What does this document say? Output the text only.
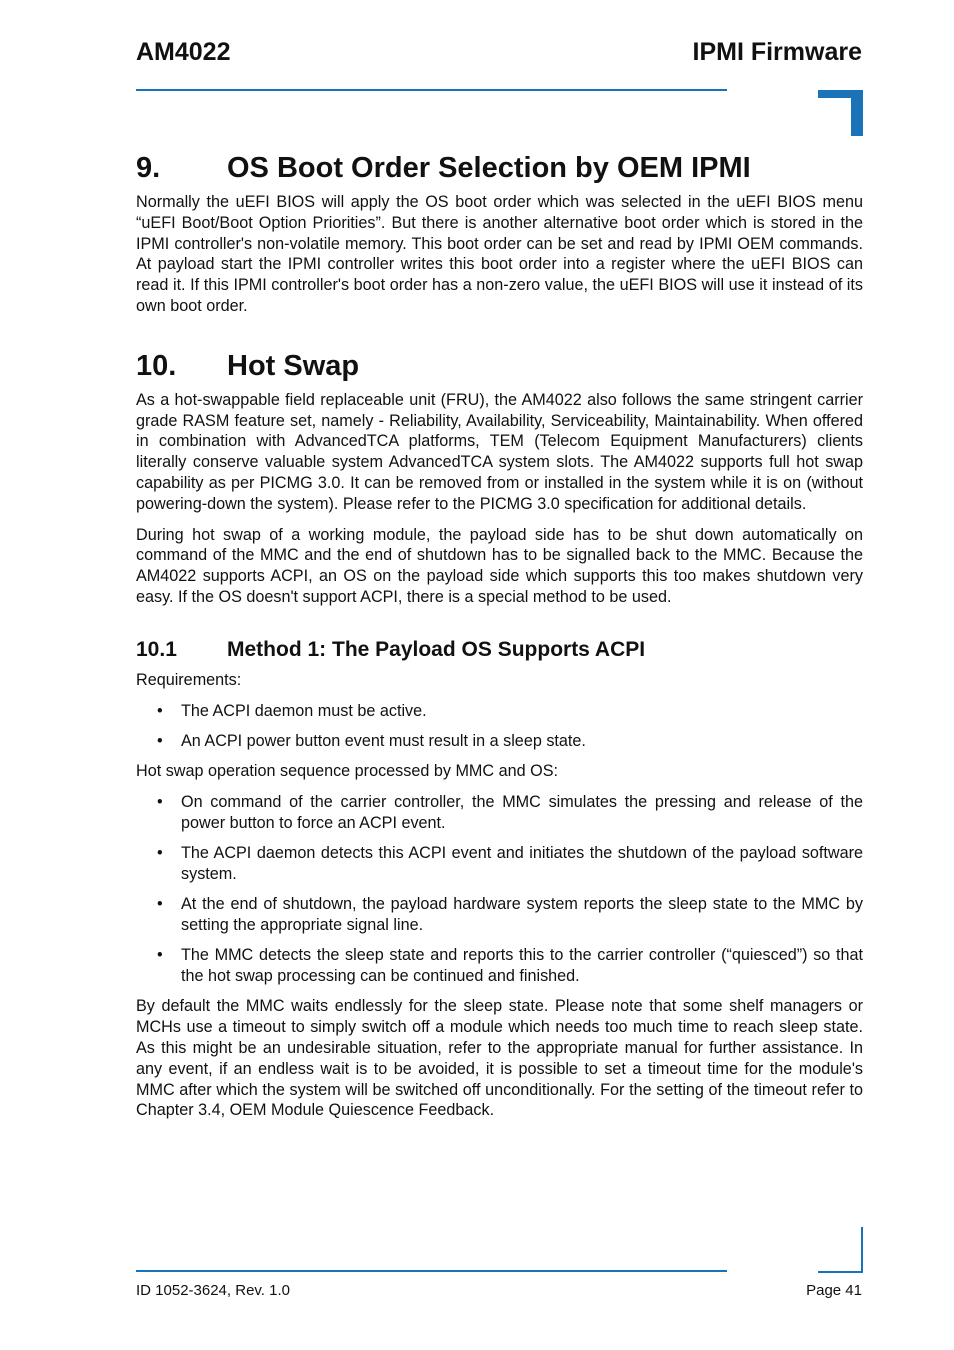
AM4022	IPMI Firmware
9.	OS Boot Order Selection by OEM IPMI

Normally the uEFI BIOS will apply the OS boot order which was selected in the uEFI BIOS menu “uEFI Boot/Boot Option Priorities”. But there is another alternative boot order which is stored in the IPMI controller's non-volatile memory. This boot order can be set and read by IPMI OEM commands. At payload start the IPMI controller writes this boot order into a register where the uEFI BIOS can read it. If this IPMI controller's boot order has a non-zero value, the uEFI BIOS will use it instead of its own boot order.

10.	Hot Swap

As a hot-swappable field replaceable unit (FRU), the AM4022 also follows the same stringent carrier grade RASM feature set, namely - Reliability, Availability, Serviceability, Maintainability. When offered in combination with AdvancedTCA platforms, TEM (Telecom Equipment Manufacturers) clients literally conserve valuable system AdvancedTCA system slots. The AM4022 supports full hot swap capability as per PICMG 3.0. It can be removed from or installed in the system while it is on (without powering-down the system). Please refer to the PICMG 3.0 specification for additional details.

During hot swap of a working module, the payload side has to be shut down automatically on command of the MMC and the end of shutdown has to be signalled back to the MMC. Because the AM4022 supports ACPI, an OS on the payload side which supports this too makes shutdown very easy. If the OS doesn't support ACPI, there is a special method to be used.

10.1	Method 1: The Payload OS Supports ACPI

Requirements:

• The ACPI daemon must be active.
• An ACPI power button event must result in a sleep state.

Hot swap operation sequence processed by MMC and OS:

• On command of the carrier controller, the MMC simulates the pressing and release of the power button to force an ACPI event.
• The ACPI daemon detects this ACPI event and initiates the shutdown of the payload software system.
• At the end of shutdown, the payload hardware system reports the sleep state to the MMC by setting the appropriate signal line.
• The MMC detects the sleep state and reports this to the carrier controller (“quiesced”) so that the hot swap processing can be continued and finished.

By default the MMC waits endlessly for the sleep state. Please note that some shelf managers or MCHs use a timeout to simply switch off a module which needs too much time to reach sleep state. As this might be an undesirable situation, refer to the appropriate manual for further assistance. In any event, if an endless wait is to be avoided, it is possible to set a timeout time for the module's MMC after which the system will be switched off unconditionally. For the setting of the timeout refer to Chapter 3.4, OEM Module Quiescence Feedback.

ID 1052-3624, Rev. 1.0	Page 41
